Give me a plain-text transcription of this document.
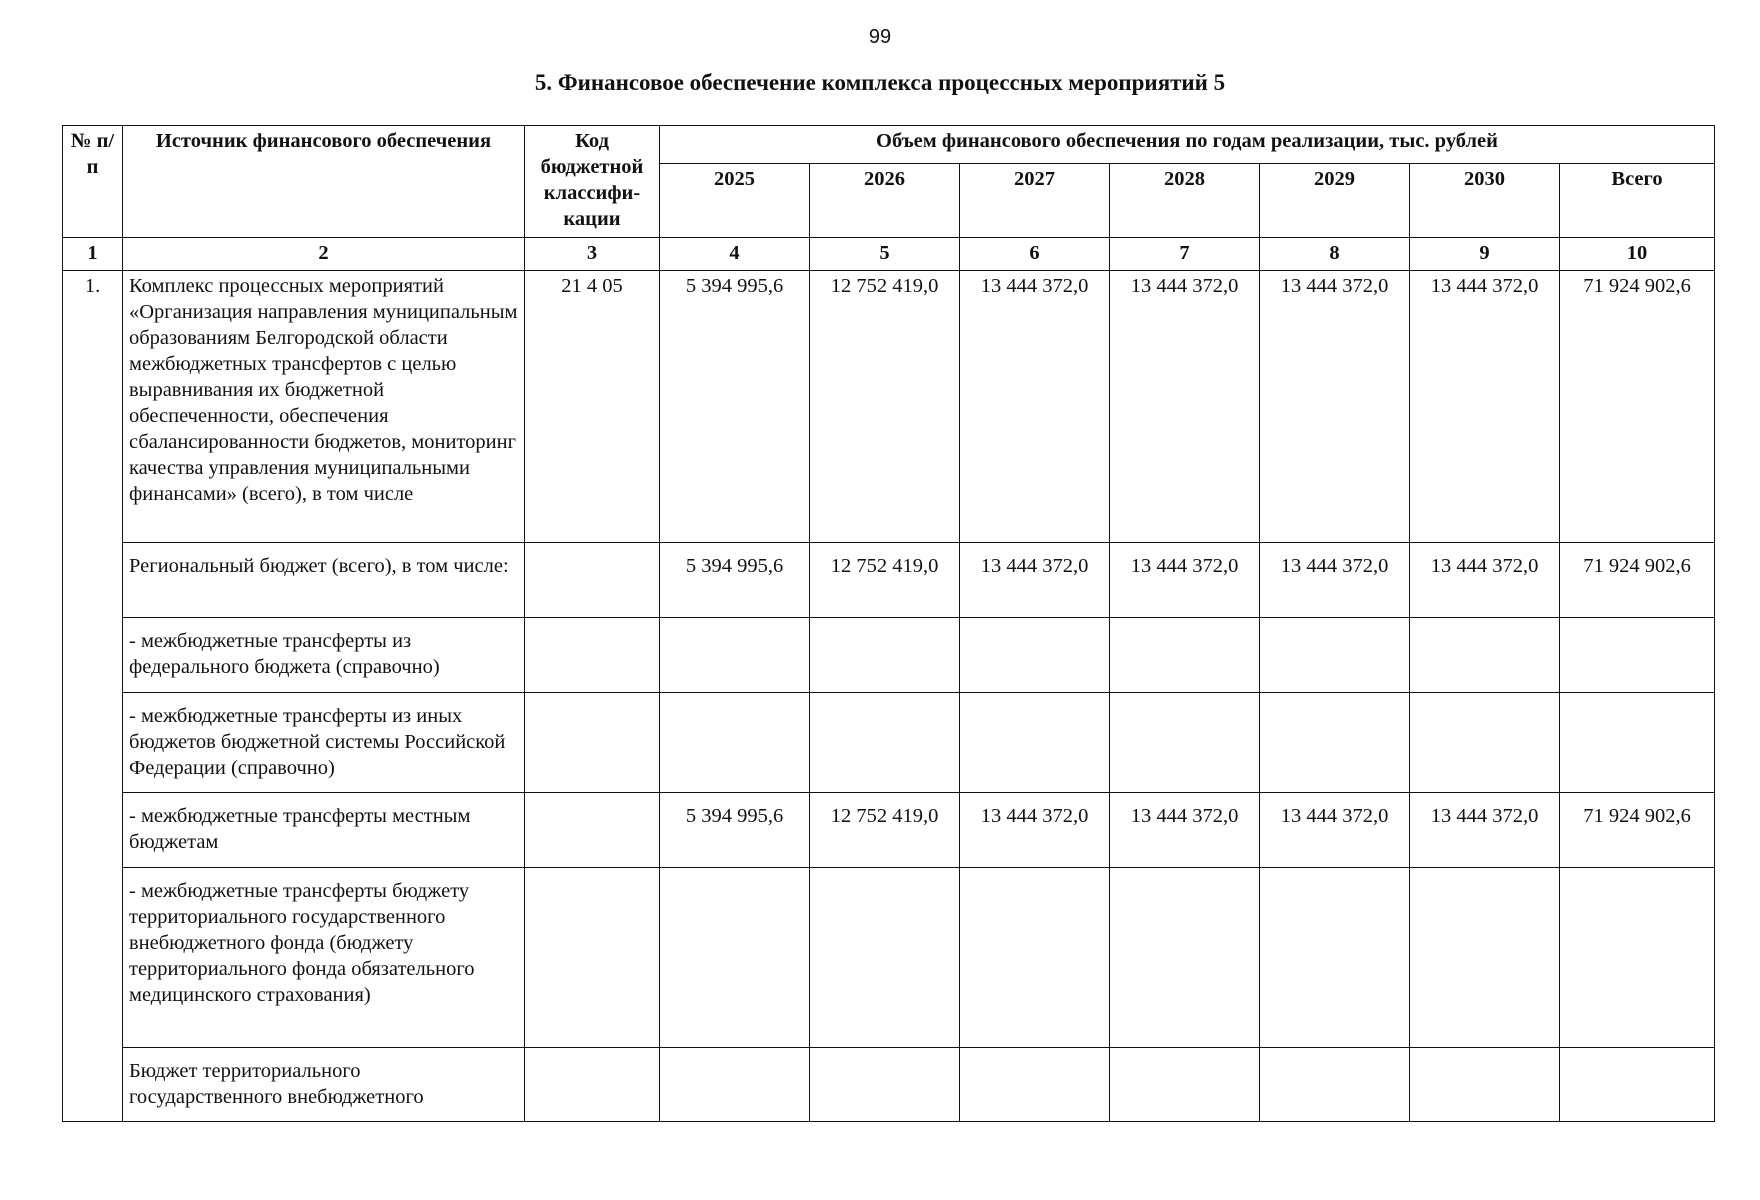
99
5. Финансовое обеспечение комплекса процессных мероприятий 5
№ п/п	Источник финансового обеспечения	Код бюджетной классифи-кации	Объем финансового обеспечения по годам реализации, тыс. рублей						
			2025	2026	2027	2028	2029	2030	Всего
1	2	3	4	5	6	7	8	9	10
1.	Комплекс процессных мероприятий «Организация направления муниципальным образованиям Белгородской области межбюджетных трансфертов с целью выравнивания их бюджетной обеспеченности, обеспечения сбалансированности бюджетов, мониторинг качества управления муниципальными финансами» (всего), в том числе	21 4 05	5 394 995,6	12 752 419,0	13 444 372,0	13 444 372,0	13 444 372,0	13 444 372,0	71 924 902,6
	Региональный бюджет (всего), в том числе:		5 394 995,6	12 752 419,0	13 444 372,0	13 444 372,0	13 444 372,0	13 444 372,0	71 924 902,6
	- межбюджетные трансферты из федерального бюджета (справочно)								
	- межбюджетные трансферты из иных бюджетов бюджетной системы Российской Федерации (справочно)								
	- межбюджетные трансферты местным бюджетам		5 394 995,6	12 752 419,0	13 444 372,0	13 444 372,0	13 444 372,0	13 444 372,0	71 924 902,6
	- межбюджетные трансферты бюджету территориального государственного внебюджетного фонда (бюджету территориального фонда обязательного медицинского страхования)								
	Бюджет территориального государственного внебюджетного								
